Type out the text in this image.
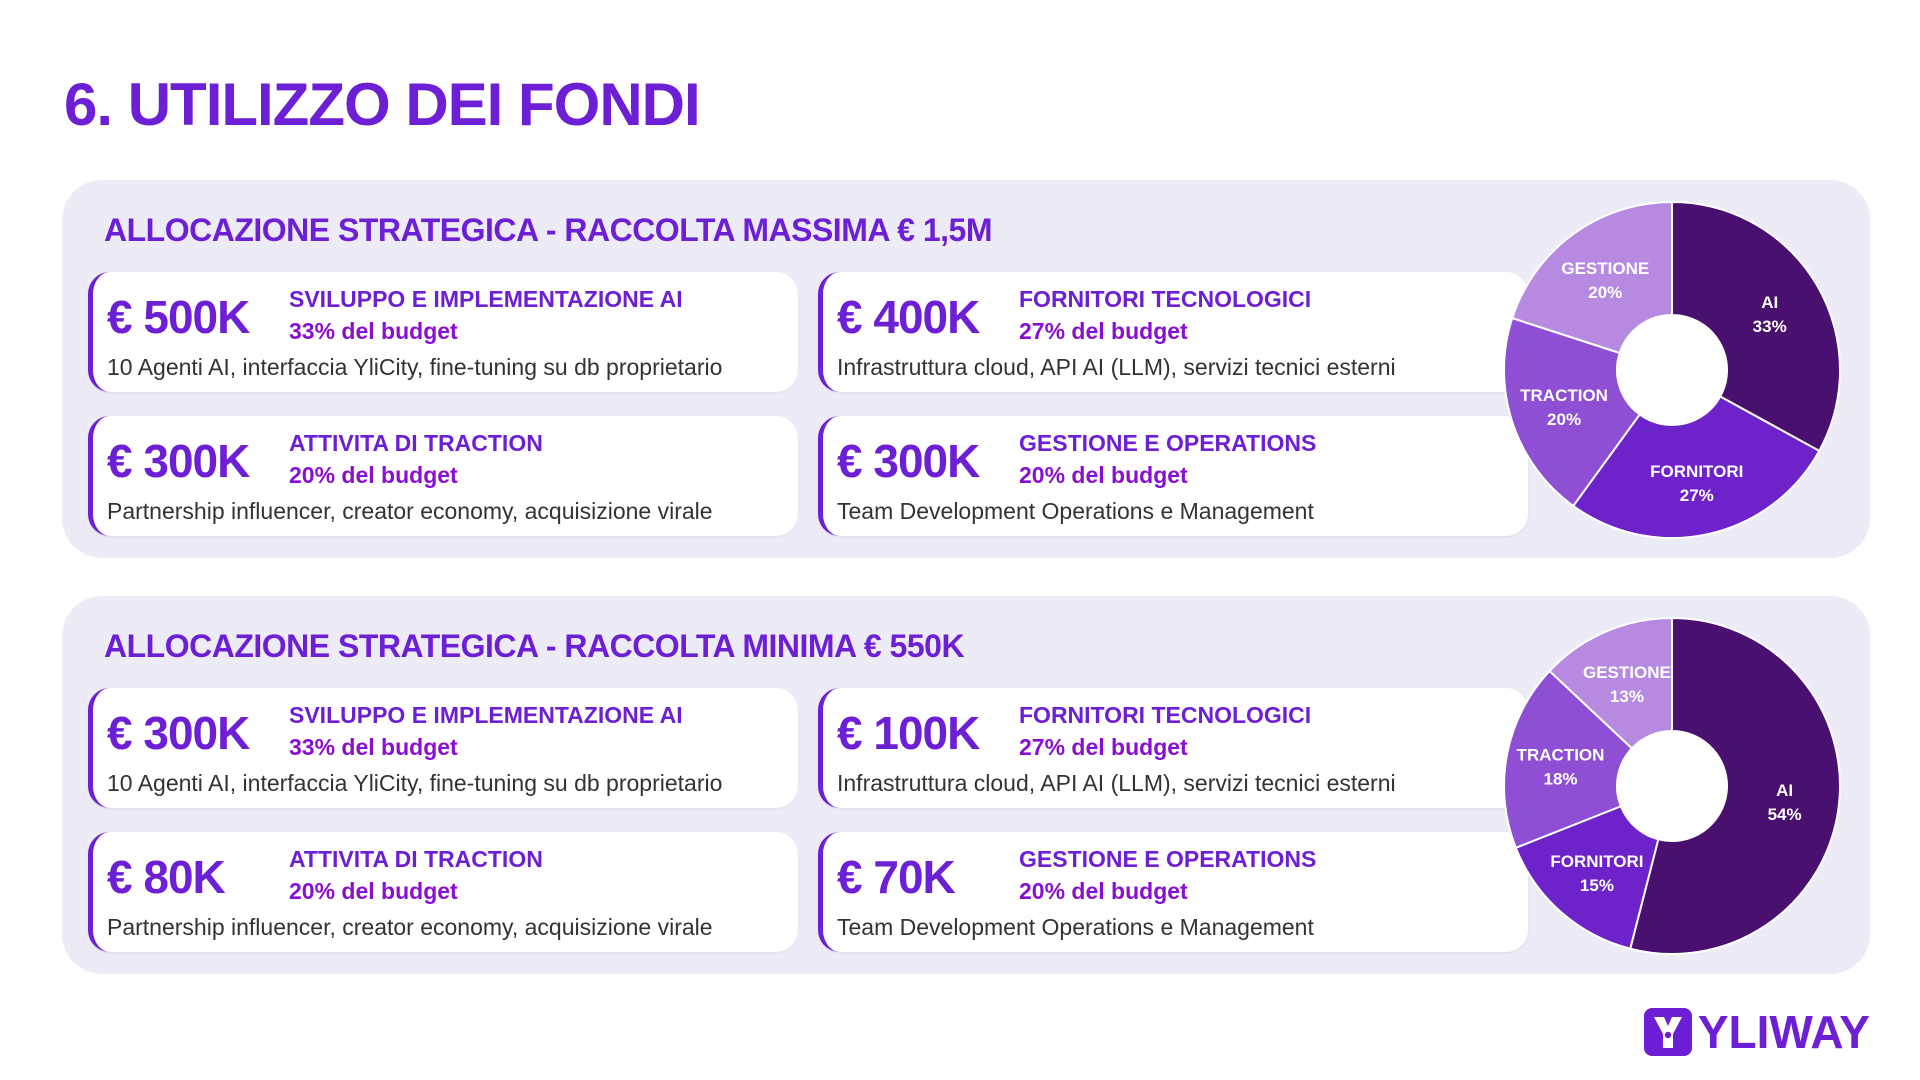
6. UTILIZZO DEI FONDI
ALLOCAZIONE STRATEGICA - RACCOLTA MASSIMA € 1,5M
€ 500K SVILUPPO E IMPLEMENTAZIONE AI
33% del budget
10 Agenti AI, interfaccia YliCity, fine-tuning su db proprietario
€ 400K FORNITORI TECNOLOGICI
27% del budget
Infrastruttura cloud, API AI (LLM), servizi tecnici esterni
€ 300K ATTIVITA DI TRACTION
20% del budget
Partnership influencer, creator economy, acquisizione virale
€ 300K GESTIONE E OPERATIONS
20% del budget
Team Development Operations e Management
AI
33%
FORNITORI
27%
TRACTION
20%
GESTIONE
20%
ALLOCAZIONE STRATEGICA - RACCOLTA MINIMA € 550K
€ 300K SVILUPPO E IMPLEMENTAZIONE AI
33% del budget
10 Agenti AI, interfaccia YliCity, fine-tuning su db proprietario
€ 100K FORNITORI TECNOLOGICI
27% del budget
Infrastruttura cloud, API AI (LLM), servizi tecnici esterni
€ 80K	ATTIVITA DI TRACTION
20% del budget
Partnership influencer, creator economy, acquisizione virale
€ 70K	GESTIONE E OPERATIONS
20% del budget
Team Development Operations e Management
AI
54%
FORNITORI
15%
TRACTION
18%
GESTIONE
13%
YLIWAY
